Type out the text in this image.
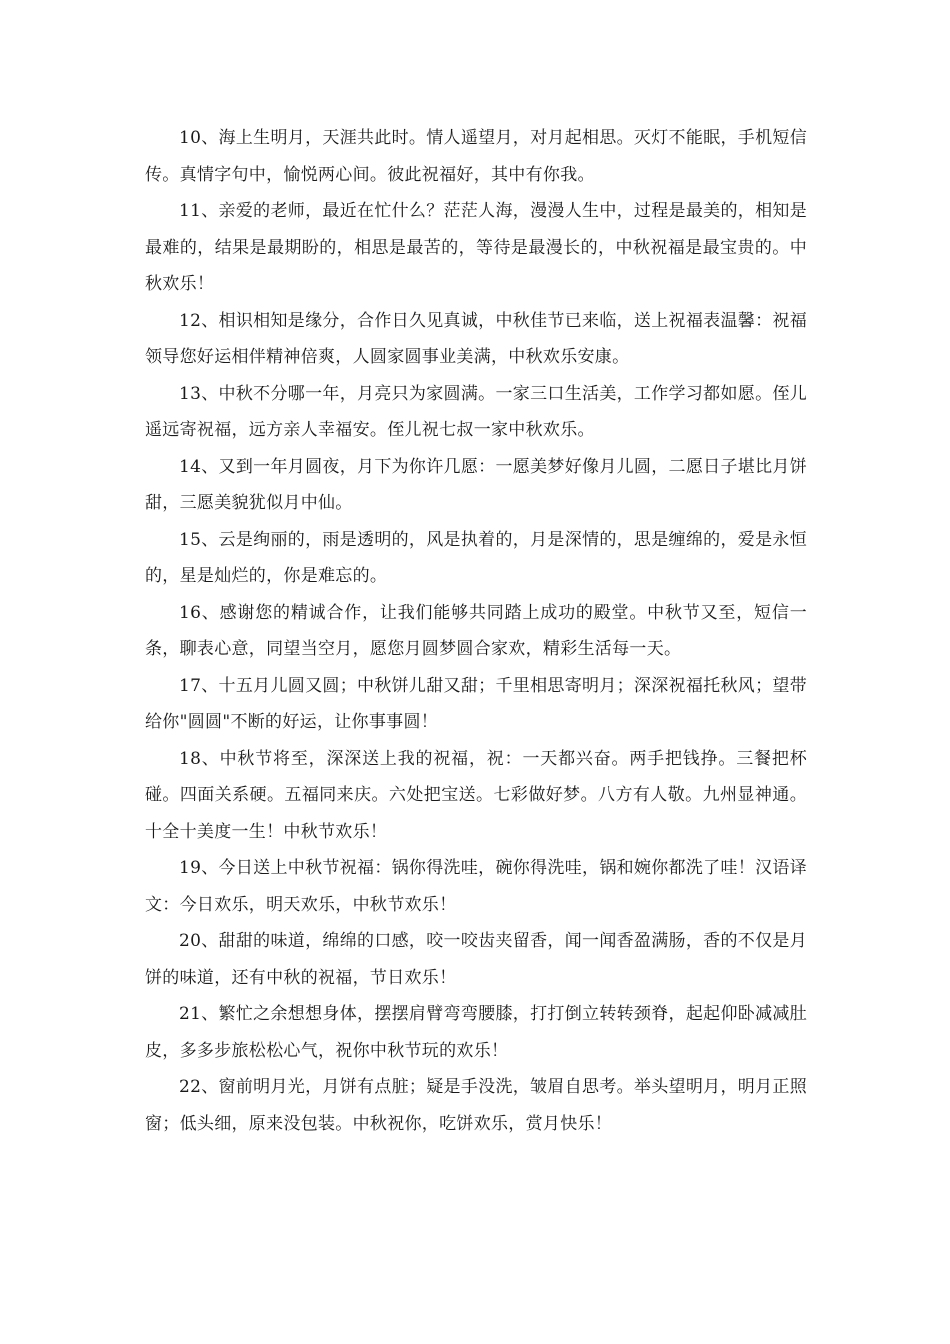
10、海上生明月，天涯共此时。情人遥望月，对月起相思。灭灯不能眠，手机短信传。真情字句中，愉悦两心间。彼此祝福好，其中有你我。

11、亲爱的老师，最近在忙什么？茫茫人海，漫漫人生中，过程是最美的，相知是最难的，结果是最期盼的，相思是最苦的，等待是最漫长的，中秋祝福是最宝贵的。中秋欢乐！

12、相识相知是缘分，合作日久见真诚，中秋佳节已来临，送上祝福表温馨：祝福领导您好运相伴精神倍爽，人圆家圆事业美满，中秋欢乐安康。

13、中秋不分哪一年，月亮只为家圆满。一家三口生活美，工作学习都如愿。侄儿遥远寄祝福，远方亲人幸福安。侄儿祝七叔一家中秋欢乐。

14、又到一年月圆夜，月下为你许几愿：一愿美梦好像月儿圆，二愿日子堪比月饼甜，三愿美貌犹似月中仙。

15、云是绚丽的，雨是透明的，风是执着的，月是深情的，思是缠绵的，爱是永恒的，星是灿烂的，你是难忘的。

16、感谢您的精诚合作，让我们能够共同踏上成功的殿堂。中秋节又至，短信一条，聊表心意，同望当空月，愿您月圆梦圆合家欢，精彩生活每一天。

17、十五月儿圆又圆；中秋饼儿甜又甜；千里相思寄明月；深深祝福托秋风；望带给你"圆圆"不断的好运，让你事事圆！

18、中秋节将至，深深送上我的祝福，祝：一天都兴奋。两手把钱挣。三餐把杯碰。四面关系硬。五福同来庆。六处把宝送。七彩做好梦。八方有人敬。九州显神通。十全十美度一生！中秋节欢乐！

19、今日送上中秋节祝福：锅你得洗哇，碗你得洗哇，锅和婉你都洗了哇！汉语译文：今日欢乐，明天欢乐，中秋节欢乐！

20、甜甜的味道，绵绵的口感，咬一咬齿夹留香，闻一闻香盈满肠，香的不仅是月饼的味道，还有中秋的祝福，节日欢乐！

21、繁忙之余想想身体，摆摆肩臂弯弯腰膝，打打倒立转转颈脊，起起仰卧减减肚皮，多多步旅松松心气，祝你中秋节玩的欢乐！

22、窗前明月光，月饼有点脏；疑是手没洗，皱眉自思考。举头望明月，明月正照窗；低头细，原来没包装。中秋祝你，吃饼欢乐，赏月快乐！
